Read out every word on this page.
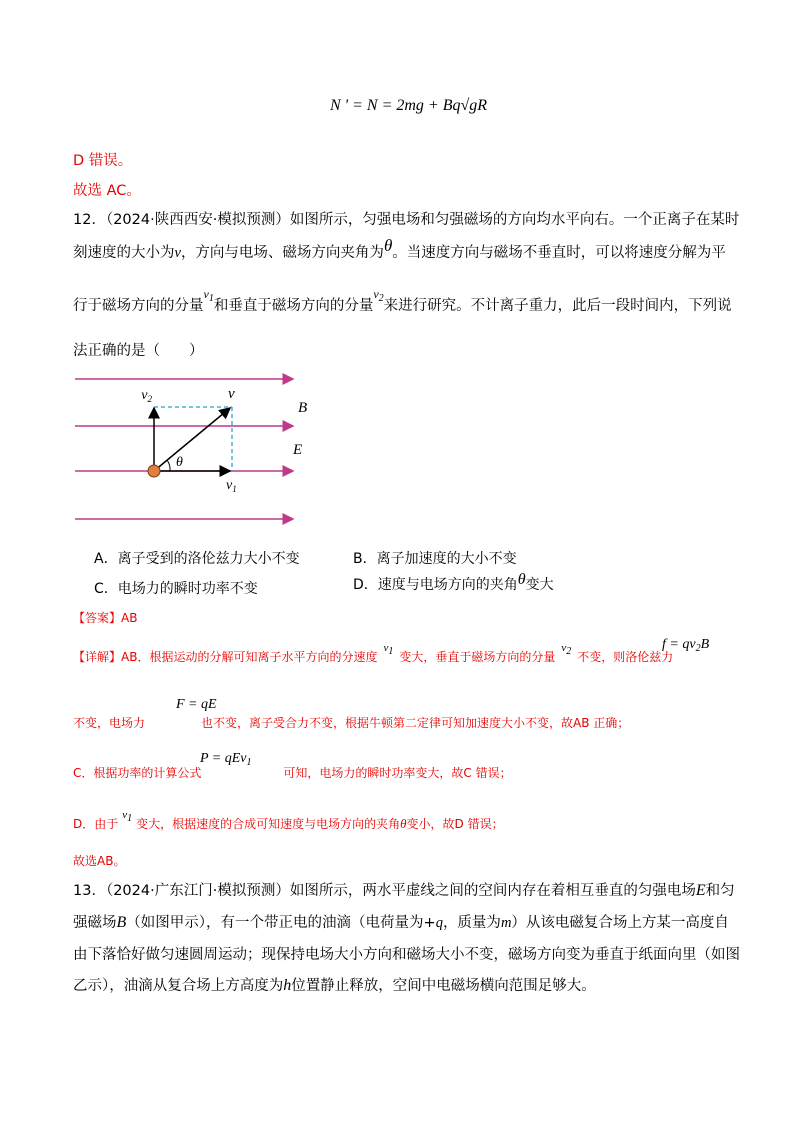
N ' = N = 2mg + Bq√gR
D 错误。
故选 AC。
12．（2024·陕西西安·模拟预测）如图所示，匀强电场和匀强磁场的方向均水平向右。一个正离子在某时
刻速度的大小为v，方向与电场、磁场方向夹角为θ。当速度方向与磁场不垂直时，可以将速度分解为平
行于磁场方向的分量$^{v_1}$和垂直于磁场方向的分量$^{v_2}$来进行研究。不计离子重力，此后一段时间内，下列说
法正确的是（　　）
$v_2$	v
$v_1$
θ
B
E
A．离子受到的洛伦兹力大小不变	B．离子加速度的大小不变
C．电场力的瞬时功率不变	D．速度与电场方向的夹角θ变大
【答案】AB
【详解】AB．根据运动的分解可知离子水平方向的分速度$v_1$ 变大，垂直于磁场方向的分量$v_2$ 不变，则洛伦兹力
$f = qv_2B$
F = qE
不变，电场力	也不变，离子受合力不变，根据牛顿第二定律可知加速度大小不变，故AB 正确；
P = qEv$_1$
C．根据功率的计算公式	可知，电场力的瞬时功率变大，故C 错误；
D．由于$v_1$ 变大，根据速度的合成可知速度与电场方向的夹角θ变小，故D 错误；
故选AB。
13．（2024·广东江门·模拟预测）如图所示，两水平虚线之间的空间内存在着相互垂直的匀强电场E和匀
强磁场B（如图甲示），有一个带正电的油滴（电荷量为+q，质量为m）从该电磁复合场上方某一高度自
由下落恰好做匀速圆周运动；现保持电场大小方向和磁场大小不变，磁场方向变为垂直于纸面向里（如图
乙示），油滴从复合场上方高度为h位置静止释放，空间中电磁场横向范围足够大。
